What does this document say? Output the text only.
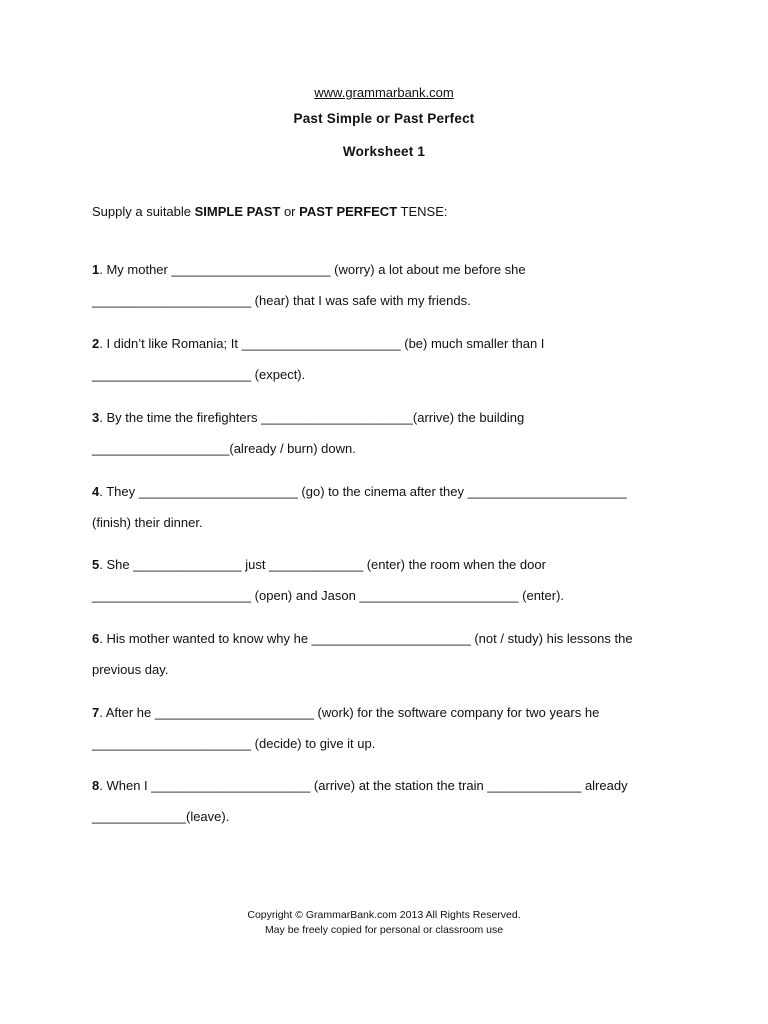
www.grammarbank.com
Past Simple or Past Perfect
Worksheet 1
Supply a suitable SIMPLE PAST or PAST PERFECT TENSE:
1. My mother ______________________ (worry) a lot about me before she
______________________ (hear) that I was safe with my friends.
2. I didn’t like Romania; It ______________________ (be) much smaller than I
______________________ (expect).
3. By the time the firefighters _____________________(arrive) the building
___________________(already / burn) down.
4. They ______________________ (go) to the cinema after they ______________________
(finish) their dinner.
5. She _______________ just _____________ (enter) the room when the door
______________________ (open) and Jason ______________________ (enter).
6. His mother wanted to know why he ______________________ (not / study) his lessons the
previous day.
7. After he ______________________ (work) for the software company for two years he
______________________ (decide) to give it up.
8. When I ______________________ (arrive) at the station the train _____________ already
_____________(leave).
Copyright © GrammarBank.com 2013 All Rights Reserved.
May be freely copied for personal or classroom use
